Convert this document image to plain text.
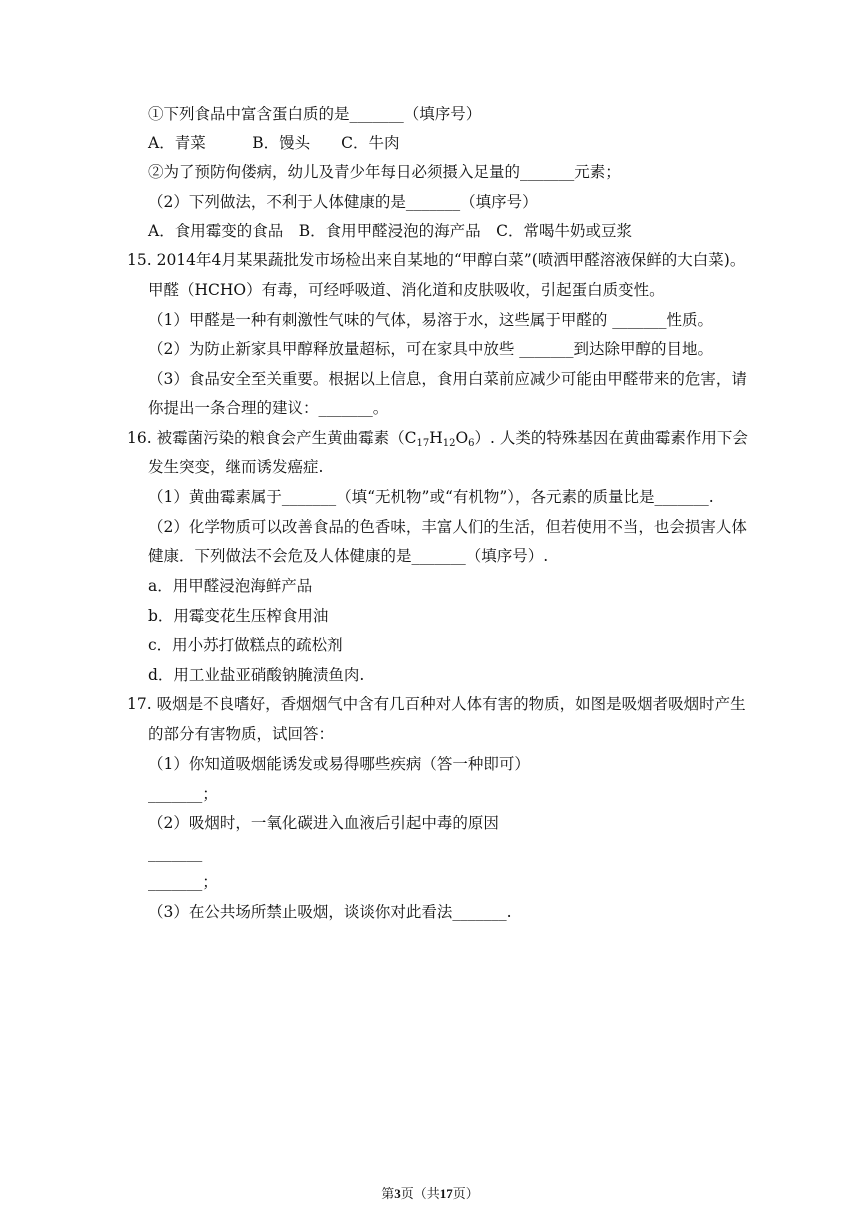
①下列食品中富含蛋白质的是_______（填序号）
A．青菜　　　B．馒头　　C．牛肉
②为了预防佝偻病，幼儿及青少年每日必须摄入足量的_______元素；
（2）下列做法，不利于人体健康的是_______（填序号）
A．食用霉变的食品　B．食用甲醛浸泡的海产品　C．常喝牛奶或豆浆
15. 2014年4月某果蔬批发市场检出来自某地的“甲醇白菜”(喷洒甲醛溶液保鲜的大白菜)。
甲醛（HCHO）有毒，可经呼吸道、消化道和皮肤吸收，引起蛋白质变性。
（1）甲醛是一种有刺激性气味的气体，易溶于水，这些属于甲醛的 _______性质。
（2）为防止新家具甲醇释放量超标，可在家具中放些 _______到达除甲醇的目地。
（3）食品安全至关重要。根据以上信息，食用白菜前应减少可能由甲醛带来的危害，请
你提出一条合理的建议：_______。
16. 被霉菌污染的粮食会产生黄曲霉素$(C_{17}H_{12}O_6)$. 人类的特殊基因在黄曲霉素作用下会
发生突变，继而诱发癌症.
（1）黄曲霉素属于_______（填“无机物”或“有机物”），各元素的质量比是_______.
（2）化学物质可以改善食品的色香味，丰富人们的生活，但若使用不当，也会损害人体
健康．下列做法不会危及人体健康的是_______（填序号）.
a．用甲醛浸泡海鲜产品
b．用霉变花生压榨食用油
c．用小苏打做糕点的疏松剂
d．用工业盐亚硝酸钠腌渍鱼肉.
17. 吸烟是不良嗜好，香烟烟气中含有几百种对人体有害的物质，如图是吸烟者吸烟时产生
的部分有害物质，试回答：
（1）你知道吸烟能诱发或易得哪些疾病（答一种即可）
_______；
（2）吸烟时，一氧化碳进入血液后引起中毒的原因
_______
_______；
（3）在公共场所禁止吸烟，谈谈你对此看法_______.
第3页（共17页）
